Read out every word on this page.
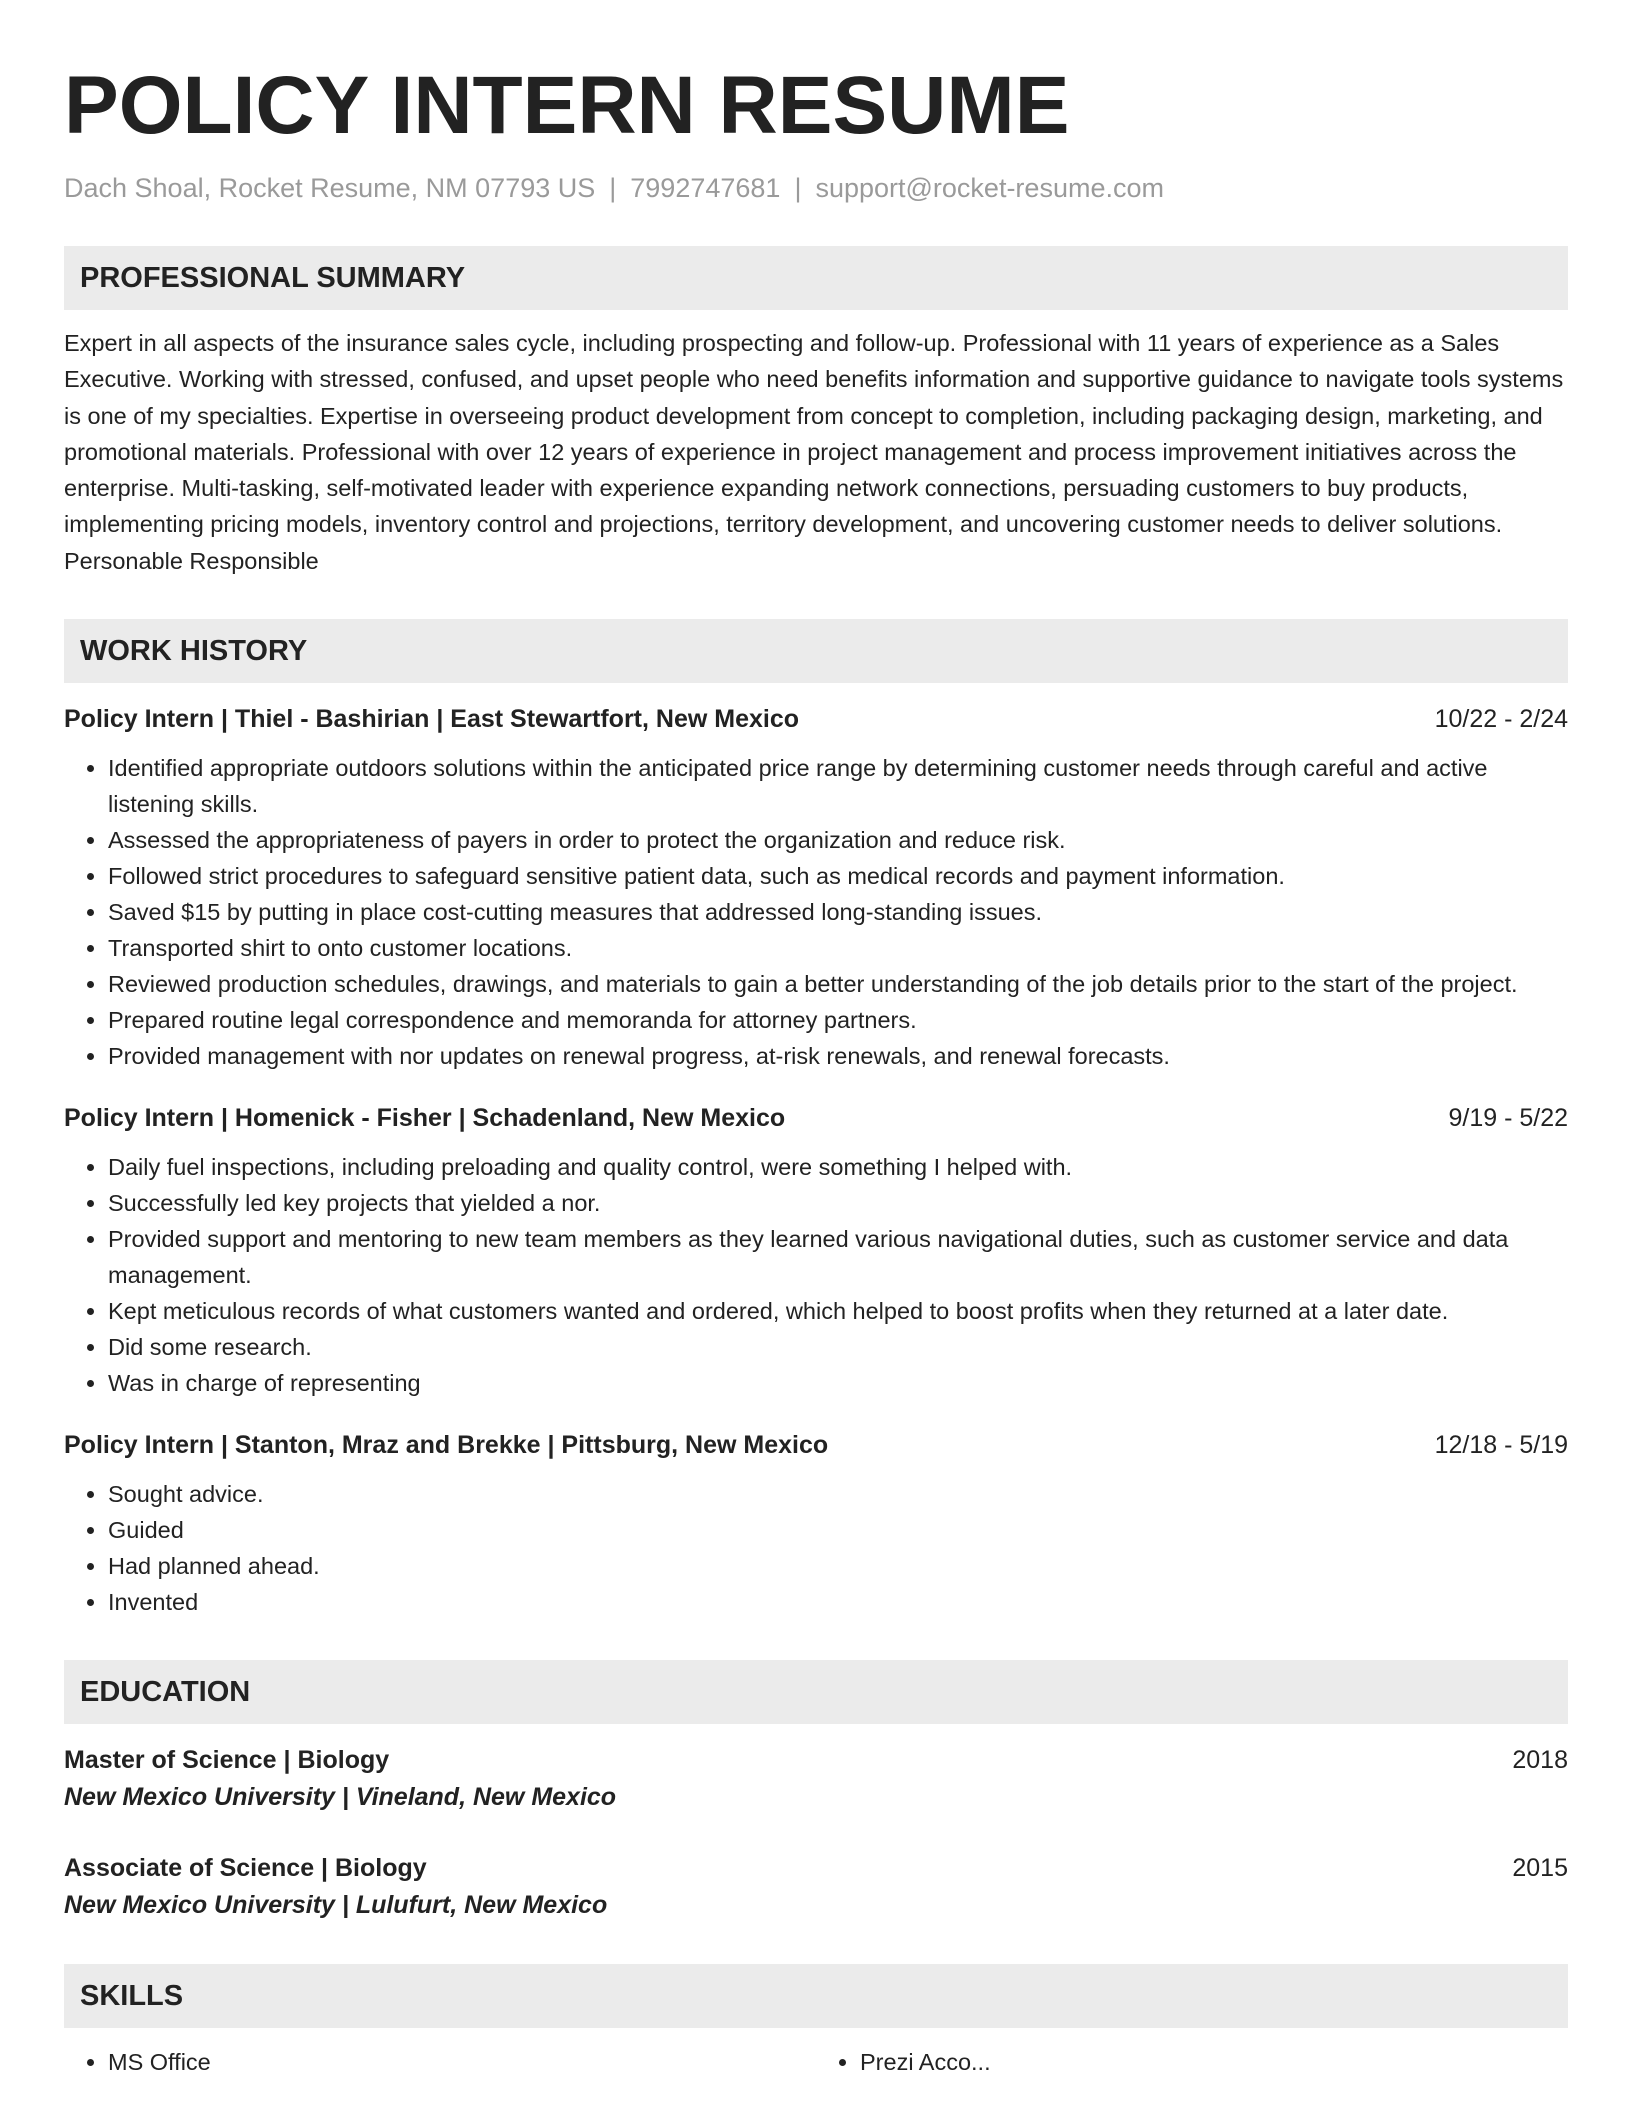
POLICY INTERN RESUME
Dach Shoal, Rocket Resume, NM 07793 US | 7992747681 | support@rocket-resume.com
PROFESSIONAL SUMMARY
Expert in all aspects of the insurance sales cycle, including prospecting and follow-up. Professional with 11 years of experience as a Sales Executive. Working with stressed, confused, and upset people who need benefits information and supportive guidance to navigate tools systems is one of my specialties. Expertise in overseeing product development from concept to completion, including packaging design, marketing, and promotional materials. Professional with over 12 years of experience in project management and process improvement initiatives across the enterprise. Multi-tasking, self-motivated leader with experience expanding network connections, persuading customers to buy products, implementing pricing models, inventory control and projections, territory development, and uncovering customer needs to deliver solutions. Personable Responsible
WORK HISTORY
Policy Intern | Thiel - Bashirian | East Stewartfort, New Mexico	10/22 - 2/24
• Identified appropriate outdoors solutions within the anticipated price range by determining customer needs through careful and active listening skills.
• Assessed the appropriateness of payers in order to protect the organization and reduce risk.
• Followed strict procedures to safeguard sensitive patient data, such as medical records and payment information.
• Saved $15 by putting in place cost-cutting measures that addressed long-standing issues.
• Transported shirt to onto customer locations.
• Reviewed production schedules, drawings, and materials to gain a better understanding of the job details prior to the start of the project.
• Prepared routine legal correspondence and memoranda for attorney partners.
• Provided management with nor updates on renewal progress, at-risk renewals, and renewal forecasts.
Policy Intern | Homenick - Fisher | Schadenland, New Mexico	9/19 - 5/22
• Daily fuel inspections, including preloading and quality control, were something I helped with.
• Successfully led key projects that yielded a nor.
• Provided support and mentoring to new team members as they learned various navigational duties, such as customer service and data management.
• Kept meticulous records of what customers wanted and ordered, which helped to boost profits when they returned at a later date.
• Did some research.
• Was in charge of representing
Policy Intern | Stanton, Mraz and Brekke | Pittsburg, New Mexico	12/18 - 5/19
• Sought advice.
• Guided
• Had planned ahead.
• Invented
EDUCATION
Master of Science | Biology	2018
New Mexico University | Vineland, New Mexico
Associate of Science | Biology	2015
New Mexico University | Lulufurt, New Mexico
SKILLS
• MS Office
•	Prezi Acco...
